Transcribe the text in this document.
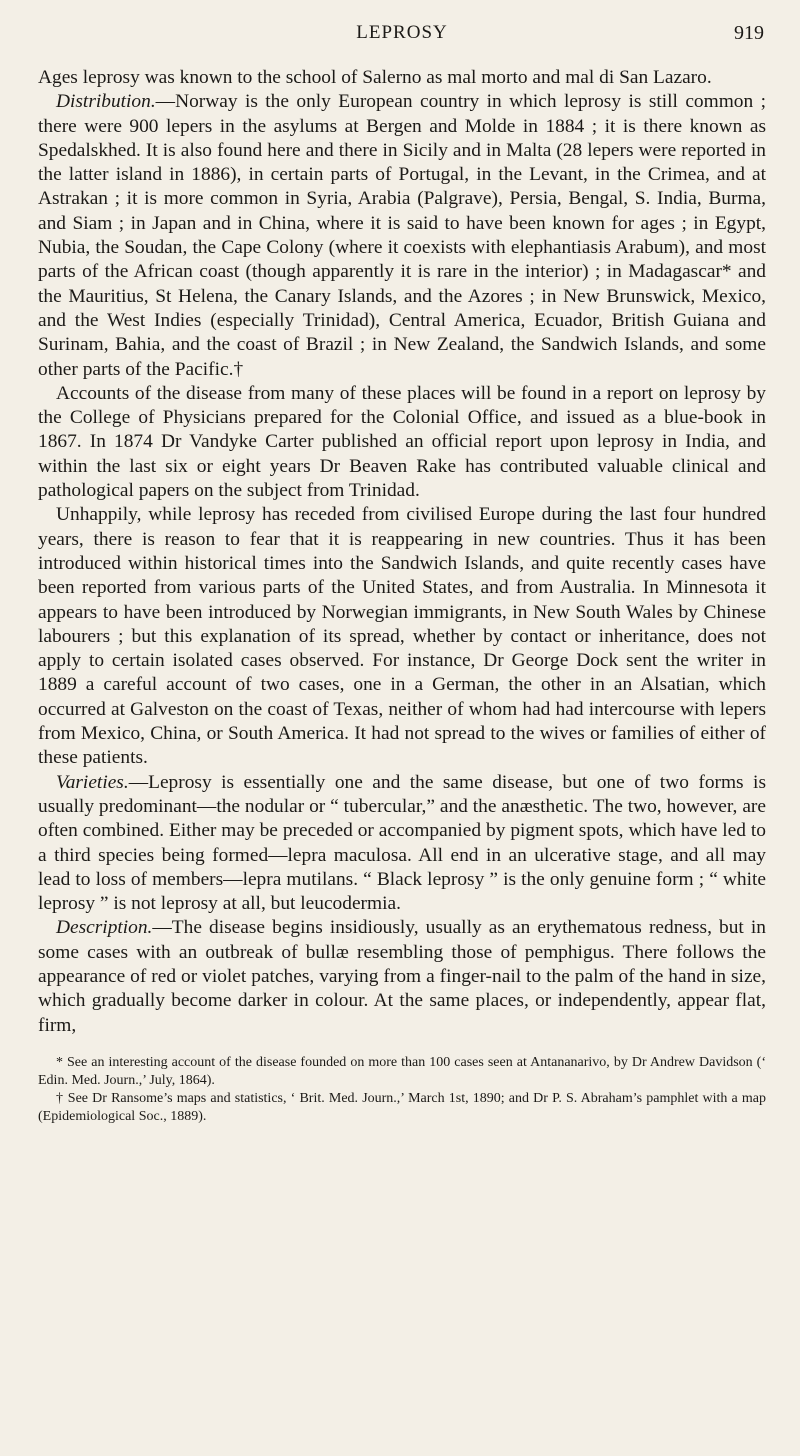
LEPROSY	919

Ages leprosy was known to the school of Salerno as mal morto and mal di San Lazaro.

Distribution.—Norway is the only European country in which leprosy is still common ; there were 900 lepers in the asylums at Bergen and Molde in 1884 ; it is there known as Spedalskhed. It is also found here and there in Sicily and in Malta (28 lepers were reported in the latter island in 1886), in certain parts of Portugal, in the Levant, in the Crimea, and at Astrakan ; it is more common in Syria, Arabia (Palgrave), Persia, Bengal, S. India, Burma, and Siam ; in Japan and in China, where it is said to have been known for ages ; in Egypt, Nubia, the Soudan, the Cape Colony (where it coexists with elephantiasis Arabum), and most parts of the African coast (though apparently it is rare in the interior) ; in Madagascar* and the Mauritius, St Helena, the Canary Islands, and the Azores ; in New Brunswick, Mexico, and the West Indies (especially Trinidad), Central America, Ecuador, British Guiana and Surinam, Bahia, and the coast of Brazil ; in New Zealand, the Sandwich Islands, and some other parts of the Pacific.†

Accounts of the disease from many of these places will be found in a report on leprosy by the College of Physicians prepared for the Colonial Office, and issued as a blue-book in 1867. In 1874 Dr Vandyke Carter published an official report upon leprosy in India, and within the last six or eight years Dr Beaven Rake has contributed valuable clinical and pathological papers on the subject from Trinidad.

Unhappily, while leprosy has receded from civilised Europe during the last four hundred years, there is reason to fear that it is reappearing in new countries. Thus it has been introduced within historical times into the Sandwich Islands, and quite recently cases have been reported from various parts of the United States, and from Australia. In Minnesota it appears to have been introduced by Norwegian immigrants, in New South Wales by Chinese labourers ; but this explanation of its spread, whether by contact or inheritance, does not apply to certain isolated cases observed. For instance, Dr George Dock sent the writer in 1889 a careful account of two cases, one in a German, the other in an Alsatian, which occurred at Galveston on the coast of Texas, neither of whom had had intercourse with lepers from Mexico, China, or South America. It had not spread to the wives or families of either of these patients.

Varieties.—Leprosy is essentially one and the same disease, but one of two forms is usually predominant—the nodular or “ tubercular,” and the anæsthetic. The two, however, are often combined. Either may be preceded or accompanied by pigment spots, which have led to a third species being formed—lepra maculosa. All end in an ulcerative stage, and all may lead to loss of members—lepra mutilans. “ Black leprosy ” is the only genuine form ; “ white leprosy ” is not leprosy at all, but leucodermia.

Description.—The disease begins insidiously, usually as an erythematous redness, but in some cases with an outbreak of bullæ resembling those of pemphigus. There follows the appearance of red or violet patches, varying from a finger-nail to the palm of the hand in size, which gradually become darker in colour. At the same places, or independently, appear flat, firm,

* See an interesting account of the disease founded on more than 100 cases seen at Antananarivo, by Dr Andrew Davidson (‘ Edin. Med. Journ.,’ July, 1864).

† See Dr Ransome’s maps and statistics, ‘ Brit. Med. Journ.,’ March 1st, 1890; and Dr P. S. Abraham’s pamphlet with a map (Epidemiological Soc., 1889).
